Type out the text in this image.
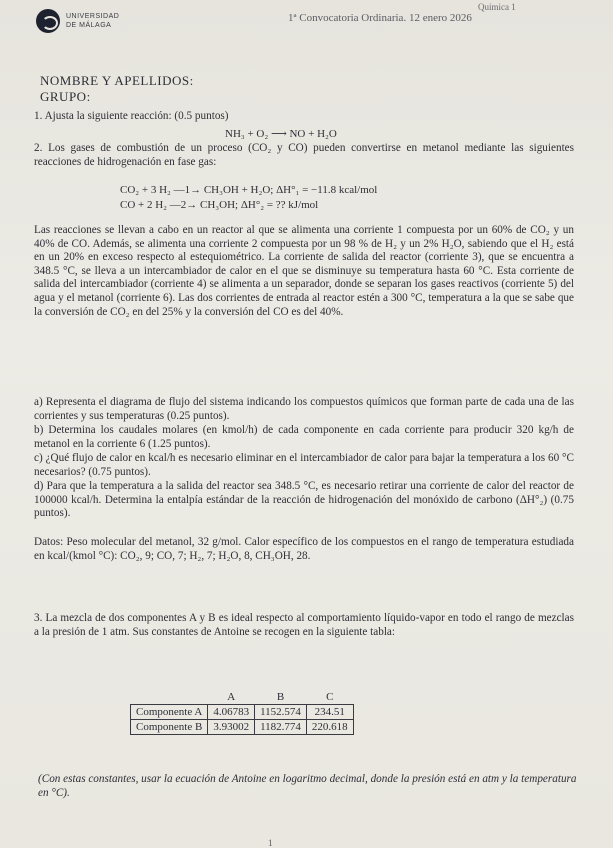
UNIVERSIDAD
DE MÁLAGA
Química 1
1ª Convocatoria Ordinaria. 12 enero 2026
NOMBRE Y APELLIDOS:
GRUPO:
1. Ajusta la siguiente reacción: (0.5 puntos)
NH₃ + O₂ ⟶ NO + H₂O
2. Los gases de combustión de un proceso (CO₂ y CO) pueden convertirse en metanol mediante las siguientes reacciones de hidrogenación en fase gas:
CO₂ + 3 H₂ —1→ CH₃OH + H₂O; ΔH°₁ = −11.8 kcal/mol
CO + 2 H₂ —2→ CH₃OH; ΔH°₂ = ?? kJ/mol
Las reacciones se llevan a cabo en un reactor al que se alimenta una corriente 1 compuesta por un 60% de CO₂ y un 40% de CO. Además, se alimenta una corriente 2 compuesta por un 98 % de H₂ y un 2% H₂O, sabiendo que el H₂ está en un 20% en exceso respecto al estequiométrico. La corriente de salida del reactor (corriente 3), que se encuentra a 348.5 °C, se lleva a un intercambiador de calor en el que se disminuye su temperatura hasta 60 °C. Esta corriente de salida del intercambiador (corriente 4) se alimenta a un separador, donde se separan los gases reactivos (corriente 5) del agua y el metanol (corriente 6). Las dos corrientes de entrada al reactor estén a 300 °C, temperatura a la que se sabe que la conversión de CO₂ en del 25% y la conversión del CO es del 40%.
a) Representa el diagrama de flujo del sistema indicando los compuestos químicos que forman parte de cada una de las corrientes y sus temperaturas (0.25 puntos).
b) Determina los caudales molares (en kmol/h) de cada componente en cada corriente para producir 320 kg/h de metanol en la corriente 6 (1.25 puntos).
c) ¿Qué flujo de calor en kcal/h es necesario eliminar en el intercambiador de calor para bajar la temperatura a los 60 °C necesarios? (0.75 puntos).
d) Para que la temperatura a la salida del reactor sea 348.5 °C, es necesario retirar una corriente de calor del reactor de 100000 kcal/h. Determina la entalpía estándar de la reacción de hidrogenación del monóxido de carbono (ΔH°₂) (0.75 puntos).
Datos: Peso molecular del metanol, 32 g/mol. Calor específico de los compuestos en el rango de temperatura estudiada en kcal/(kmol °C): CO₂, 9; CO, 7; H₂, 7; H₂O, 8, CH₃OH, 28.
3. La mezcla de dos componentes A y B es ideal respecto al comportamiento líquido-vapor en todo el rango de mezclas a la presión de 1 atm. Sus constantes de Antoine se recogen en la siguiente tabla:
	A	B	C
Componente A	4.06783	1152.574	234.51
Componente B	3.93002	1182.774	220.618
(Con estas constantes, usar la ecuación de Antoine en logaritmo decimal, donde la presión está en atm y la temperatura en °C).
1
